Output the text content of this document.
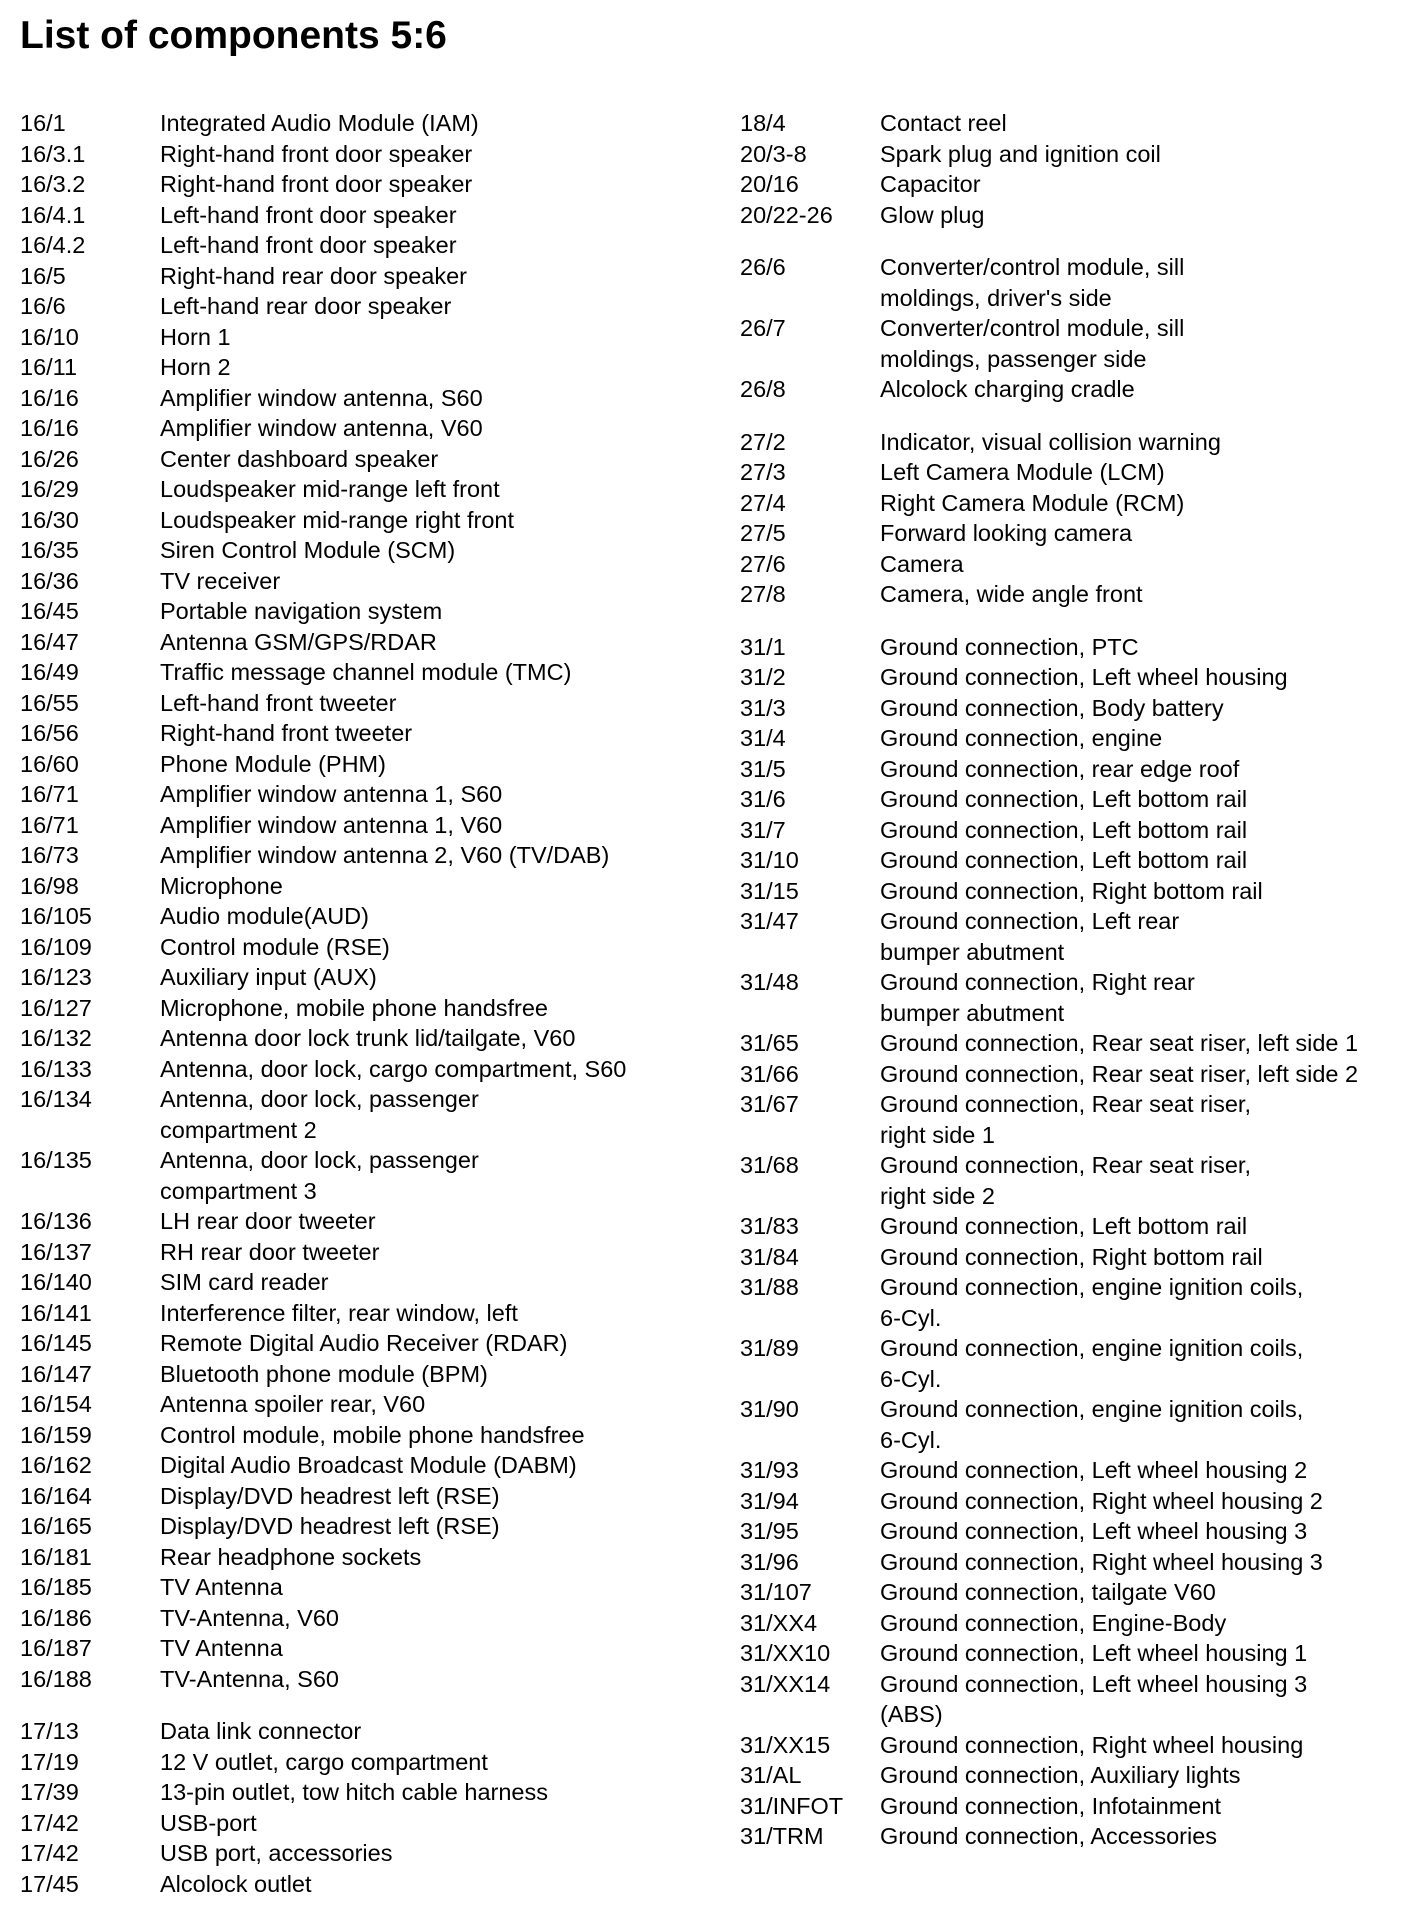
List of components 5:6
16/1	Integrated Audio Module (IAM)
16/3.1	Right-hand front door speaker
16/3.2	Right-hand front door speaker
16/4.1	Left-hand front door speaker
16/4.2	Left-hand front door speaker
16/5	Right-hand rear door speaker
16/6	Left-hand rear door speaker
16/10	Horn 1
16/11	Horn 2
16/16	Amplifier window antenna, S60
16/16	Amplifier window antenna, V60
16/26	Center dashboard speaker
16/29	Loudspeaker mid-range left front
16/30	Loudspeaker mid-range right front
16/35	Siren Control Module (SCM)
16/36	TV receiver
16/45	Portable navigation system
16/47	Antenna GSM/GPS/RDAR
16/49	Traffic message channel module (TMC)
16/55	Left-hand front tweeter
16/56	Right-hand front tweeter
16/60	Phone Module (PHM)
16/71	Amplifier window antenna 1, S60
16/71	Amplifier window antenna 1, V60
16/73	Amplifier window antenna 2, V60 (TV/DAB)
16/98	Microphone
16/105	Audio module(AUD)
16/109	Control module (RSE)
16/123	Auxiliary input (AUX)
16/127	Microphone, mobile phone handsfree
16/132	Antenna door lock trunk lid/tailgate, V60
16/133	Antenna, door lock, cargo compartment, S60
16/134	Antenna, door lock, passenger
compartment 2
16/135	Antenna, door lock, passenger
compartment 3
16/136	LH rear door tweeter
16/137	RH rear door tweeter
16/140	SIM card reader
16/141	Interference filter, rear window, left
16/145	Remote Digital Audio Receiver (RDAR)
16/147	Bluetooth phone module (BPM)
16/154	Antenna spoiler rear, V60
16/159	Control module, mobile phone handsfree
16/162	Digital Audio Broadcast Module (DABM)
16/164	Display/DVD headrest left (RSE)
16/165	Display/DVD headrest left (RSE)
16/181	Rear headphone sockets
16/185	TV Antenna
16/186	TV-Antenna, V60
16/187	TV Antenna
16/188	TV-Antenna, S60
17/13	Data link connector
17/19	12 V outlet, cargo compartment
17/39	13-pin outlet, tow hitch cable harness
17/42	USB-port
17/42	USB port, accessories
17/45	Alcolock outlet
18/4	Contact reel
20/3-8	Spark plug and ignition coil
20/16	Capacitor
20/22-26	Glow plug
26/6	Converter/control module, sill
moldings, driver's side
26/7	Converter/control module, sill
moldings, passenger side
26/8	Alcolock charging cradle
27/2	Indicator, visual collision warning
27/3	Left Camera Module (LCM)
27/4	Right Camera Module (RCM)
27/5	Forward looking camera
27/6	Camera
27/8	Camera, wide angle front
31/1	Ground connection, PTC
31/2	Ground connection, Left wheel housing
31/3	Ground connection, Body battery
31/4	Ground connection, engine
31/5	Ground connection, rear edge roof
31/6	Ground connection, Left bottom rail
31/7	Ground connection, Left bottom rail
31/10	Ground connection, Left bottom rail
31/15	Ground connection, Right bottom rail
31/47	Ground connection, Left rear
bumper abutment
31/48	Ground connection, Right rear
bumper abutment
31/65	Ground connection, Rear seat riser, left side 1
31/66	Ground connection, Rear seat riser, left side 2
31/67	Ground connection, Rear seat riser,
right side 1
31/68	Ground connection, Rear seat riser,
right side 2
31/83	Ground connection, Left bottom rail
31/84	Ground connection, Right bottom rail
31/88	Ground connection, engine ignition coils,
6-Cyl.
31/89	Ground connection, engine ignition coils,
6-Cyl.
31/90	Ground connection, engine ignition coils,
6-Cyl.
31/93	Ground connection, Left wheel housing 2
31/94	Ground connection, Right wheel housing 2
31/95	Ground connection, Left wheel housing 3
31/96	Ground connection, Right wheel housing 3
31/107	Ground connection, tailgate V60
31/XX4	Ground connection, Engine-Body
31/XX10	Ground connection, Left wheel housing 1
31/XX14	Ground connection, Left wheel housing 3
(ABS)
31/XX15	Ground connection, Right wheel housing
31/AL	Ground connection, Auxiliary lights
31/INFOT	Ground connection, Infotainment
31/TRM	Ground connection, Accessories
